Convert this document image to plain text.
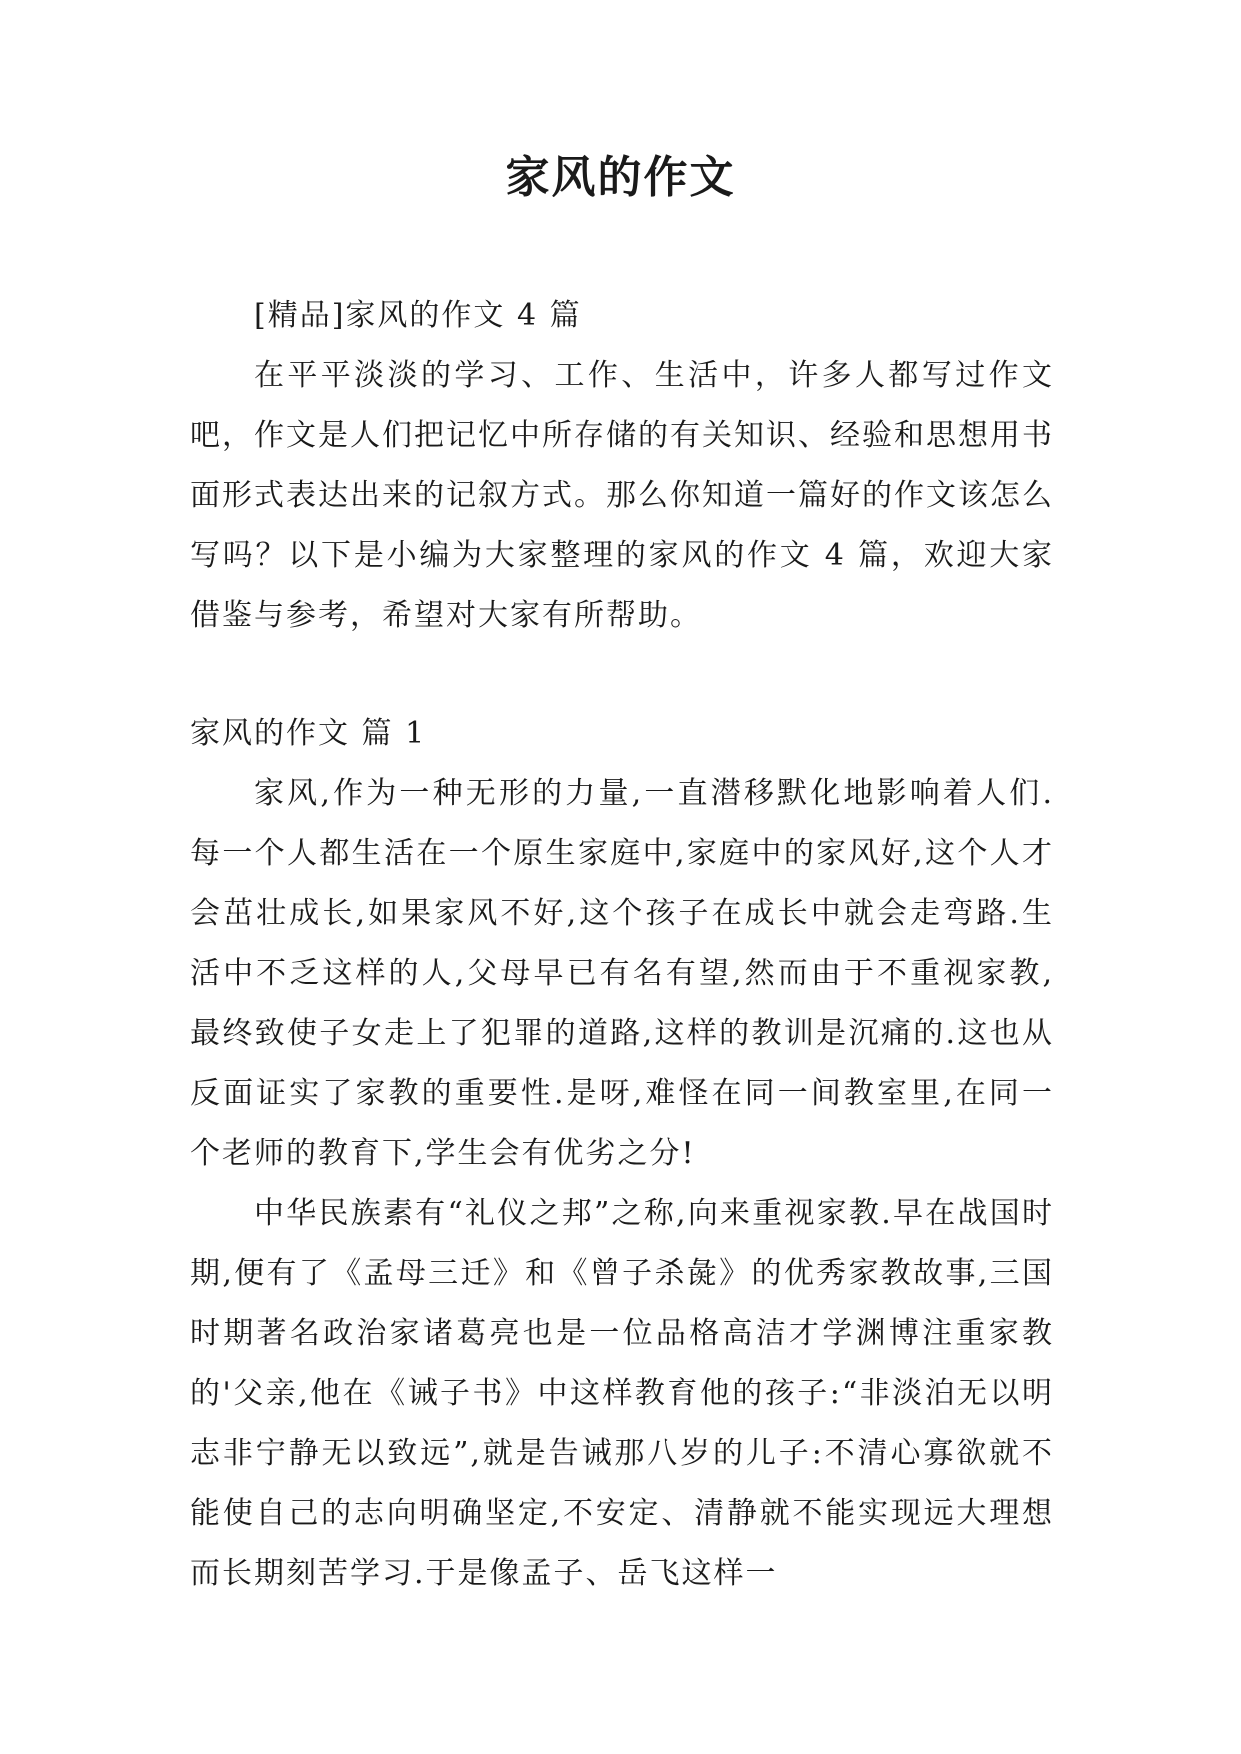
家风的作文

[精品]家风的作文 4 篇

在平平淡淡的学习、工作、生活中，许多人都写过作文吧，作文是人们把记忆中所存储的有关知识、经验和思想用书面形式表达出来的记叙方式。那么你知道一篇好的作文该怎么写吗？以下是小编为大家整理的家风的作文 4 篇，欢迎大家借鉴与参考，希望对大家有所帮助。

家风的作文 篇 1

家风,作为一种无形的力量,一直潜移默化地影响着人们.每一个人都生活在一个原生家庭中,家庭中的家风好,这个人才会茁壮成长,如果家风不好,这个孩子在成长中就会走弯路.生活中不乏这样的人,父母早已有名有望,然而由于不重视家教,最终致使子女走上了犯罪的道路,这样的教训是沉痛的.这也从反面证实了家教的重要性.是呀,难怪在同一间教室里,在同一个老师的教育下,学生会有优劣之分!

中华民族素有“礼仪之邦”之称,向来重视家教.早在战国时期,便有了《孟母三迁》和《曾子杀彘》的优秀家教故事,三国时期著名政治家诸葛亮也是一位品格高洁才学渊博注重家教的'父亲,他在《诫子书》中这样教育他的孩子:“非淡泊无以明志非宁静无以致远”,就是告诫那八岁的儿子:不清心寡欲就不能使自己的志向明确坚定,不安定、清静就不能实现远大理想而长期刻苦学习.于是像孟子、岳飞这样一
